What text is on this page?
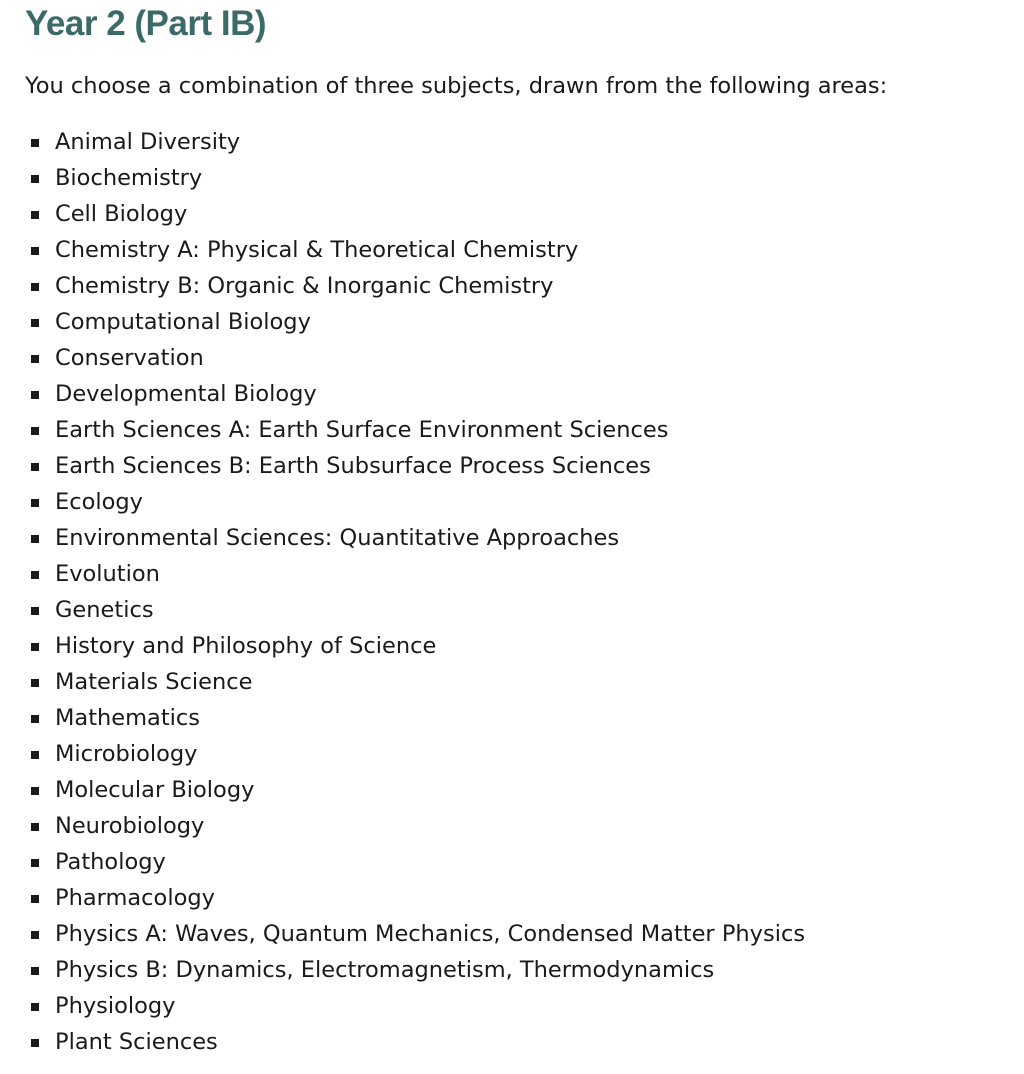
Year 2 (Part IB)

You choose a combination of three subjects, drawn from the following areas:

Animal Diversity
Biochemistry
Cell Biology
Chemistry A: Physical & Theoretical Chemistry
Chemistry B: Organic & Inorganic Chemistry
Computational Biology
Conservation
Developmental Biology
Earth Sciences A: Earth Surface Environment Sciences
Earth Sciences B: Earth Subsurface Process Sciences
Ecology
Environmental Sciences: Quantitative Approaches
Evolution
Genetics
History and Philosophy of Science
Materials Science
Mathematics
Microbiology
Molecular Biology
Neurobiology
Pathology
Pharmacology
Physics A: Waves, Quantum Mechanics, Condensed Matter Physics
Physics B: Dynamics, Electromagnetism, Thermodynamics
Physiology
Plant Sciences
